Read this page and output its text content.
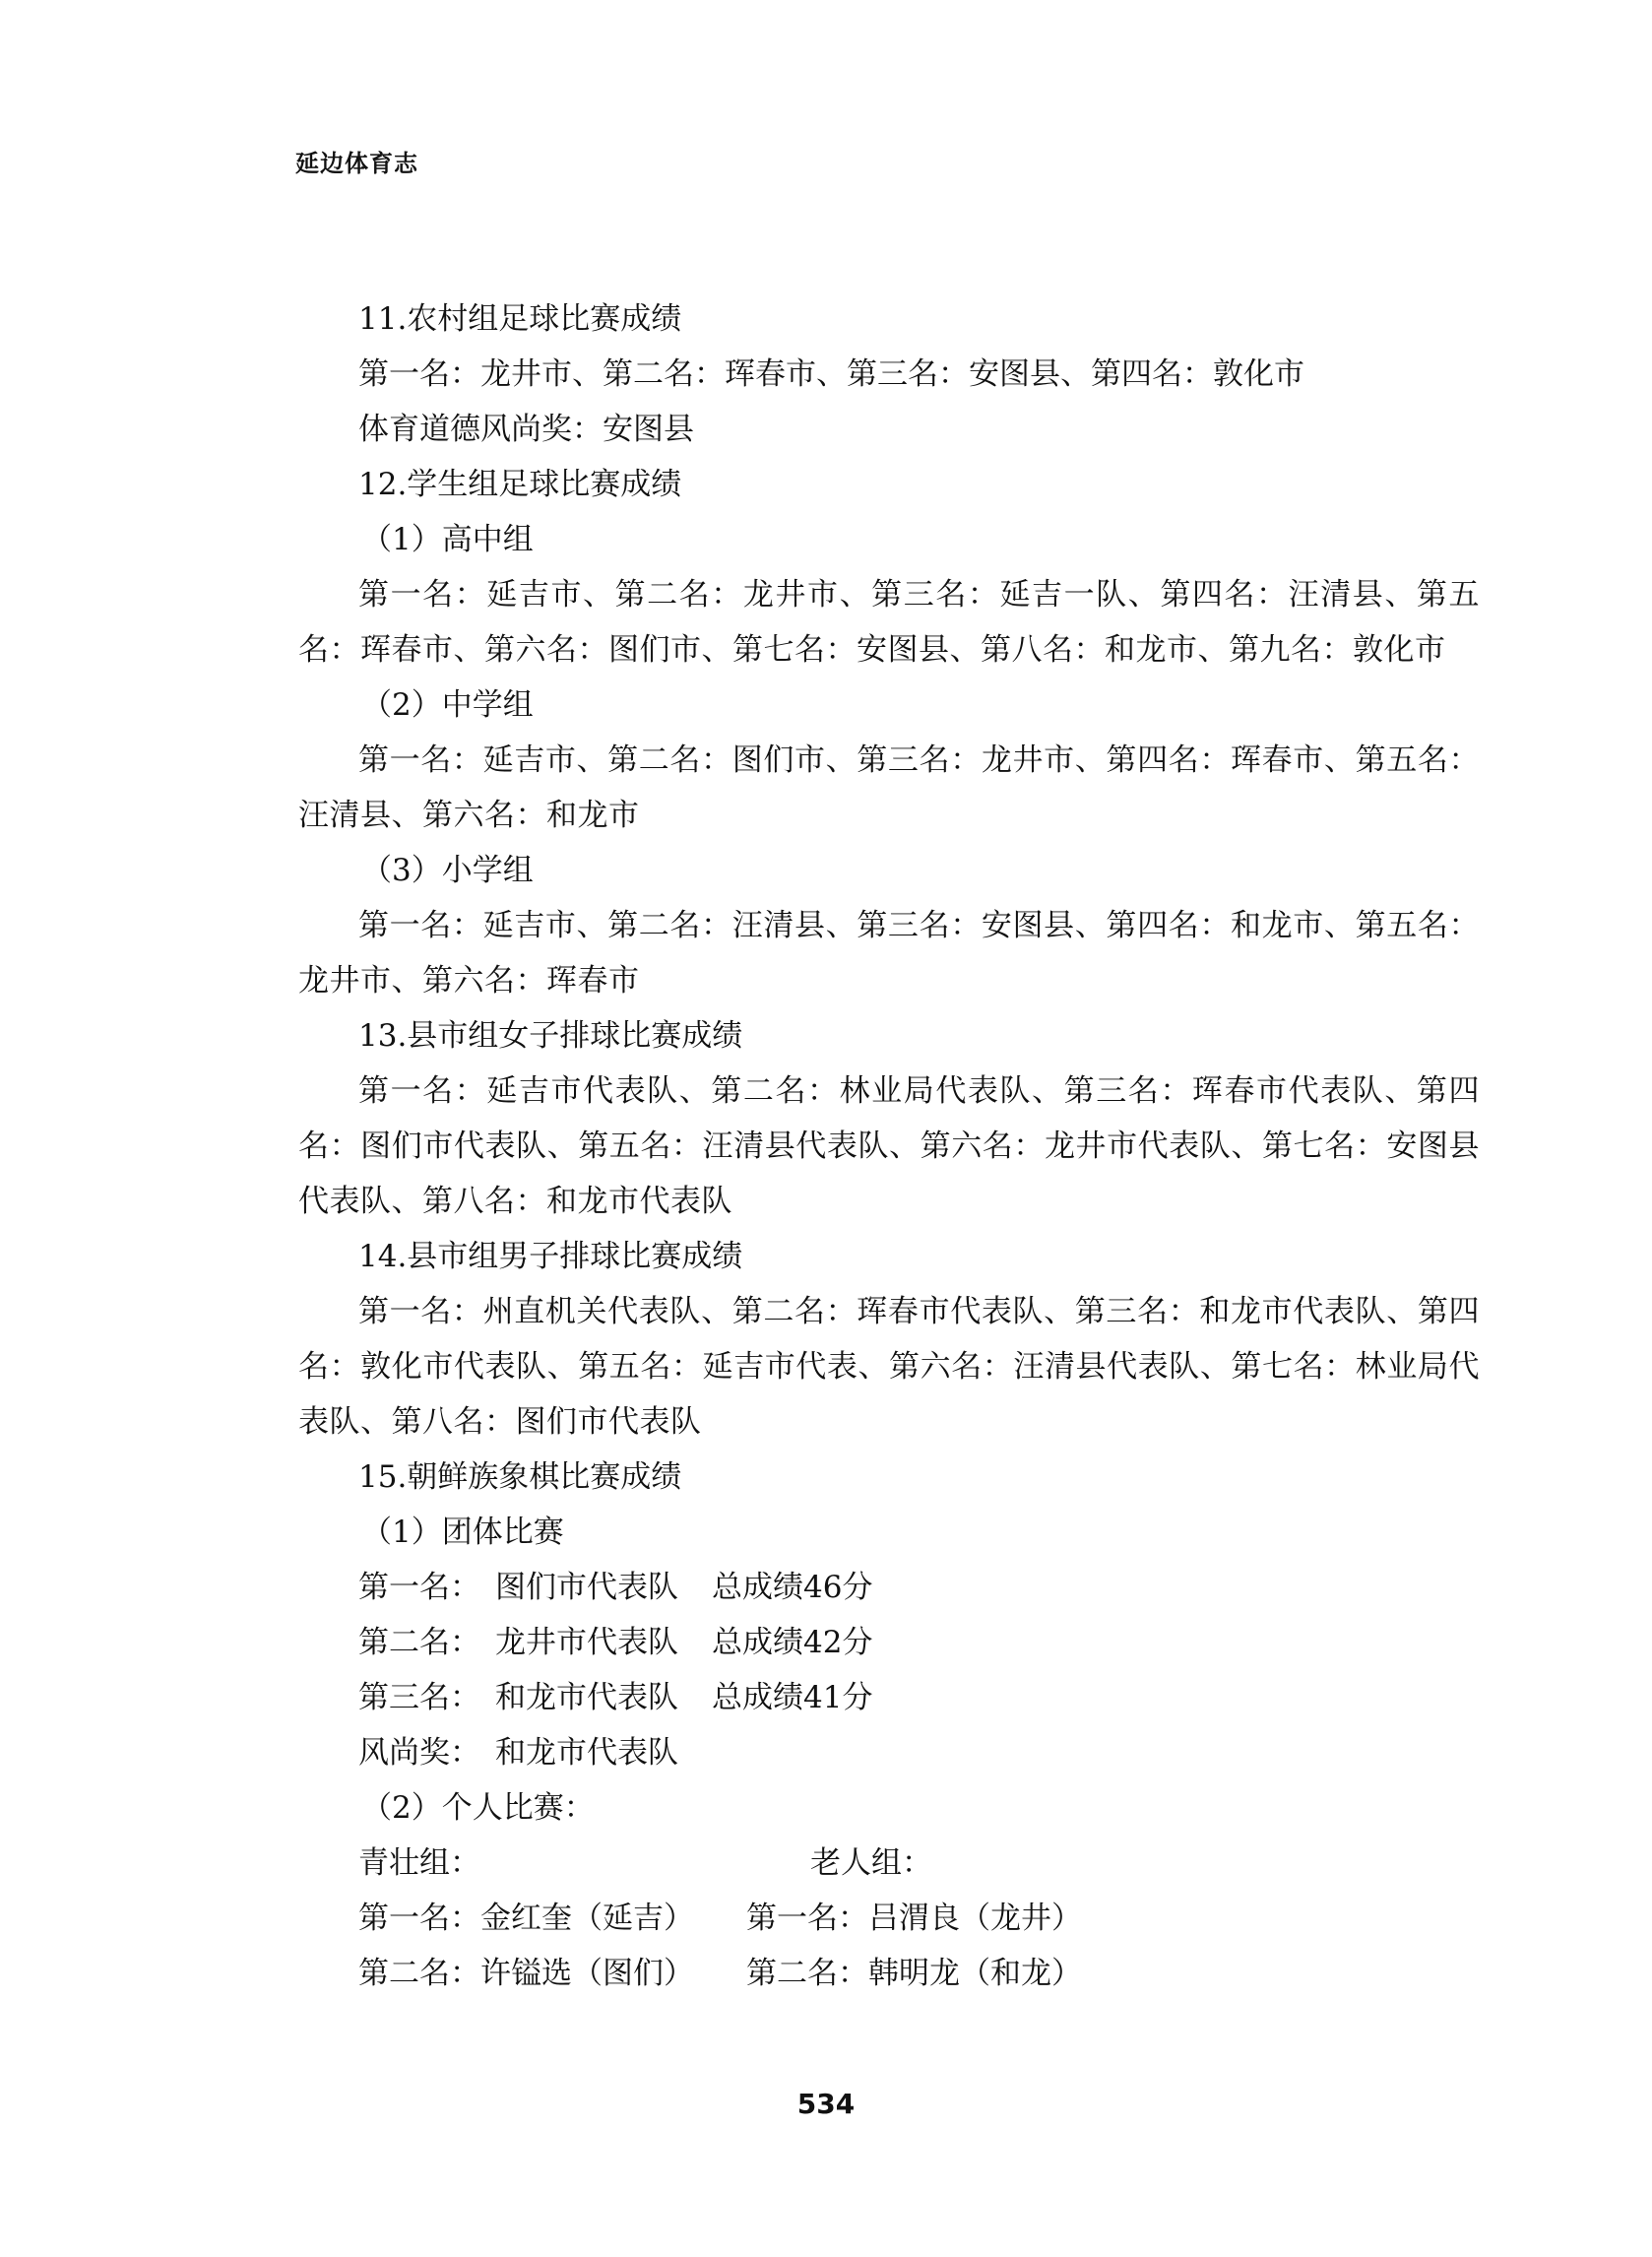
延边体育志

11.农村组足球比赛成绩

第一名：龙井市、第二名：珲春市、第三名：安图县、第四名：敦化市

体育道德风尚奖：安图县

12.学生组足球比赛成绩

（1）高中组

第一名：延吉市、第二名：龙井市、第三名：延吉一队、第四名：汪清县、第五名：珲春市、第六名：图们市、第七名：安图县、第八名：和龙市、第九名：敦化市

（2）中学组

第一名：延吉市、第二名：图们市、第三名：龙井市、第四名：珲春市、第五名：汪清县、第六名：和龙市

（3）小学组

第一名：延吉市、第二名：汪清县、第三名：安图县、第四名：和龙市、第五名：龙井市、第六名：珲春市

13.县市组女子排球比赛成绩

第一名：延吉市代表队、第二名：林业局代表队、第三名：珲春市代表队、第四名：图们市代表队、第五名：汪清县代表队、第六名：龙井市代表队、第七名：安图县代表队、第八名：和龙市代表队

14.县市组男子排球比赛成绩

第一名：州直机关代表队、第二名：珲春市代表队、第三名：和龙市代表队、第四名：敦化市代表队、第五名：延吉市代表、第六名：汪清县代表队、第七名：林业局代表队、第八名：图们市代表队

15.朝鲜族象棋比赛成绩

（1）团体比赛

第一名： 图们市代表队 总成绩46分
第二名： 龙井市代表队 总成绩42分
第三名： 和龙市代表队 总成绩41分
风尚奖： 和龙市代表队

（2）个人比赛：

青壮组：	老人组：
第一名：金红奎（延吉） 第一名：吕渭良（龙井）
第二名：许镒选（图们） 第二名：韩明龙（和龙）
534
